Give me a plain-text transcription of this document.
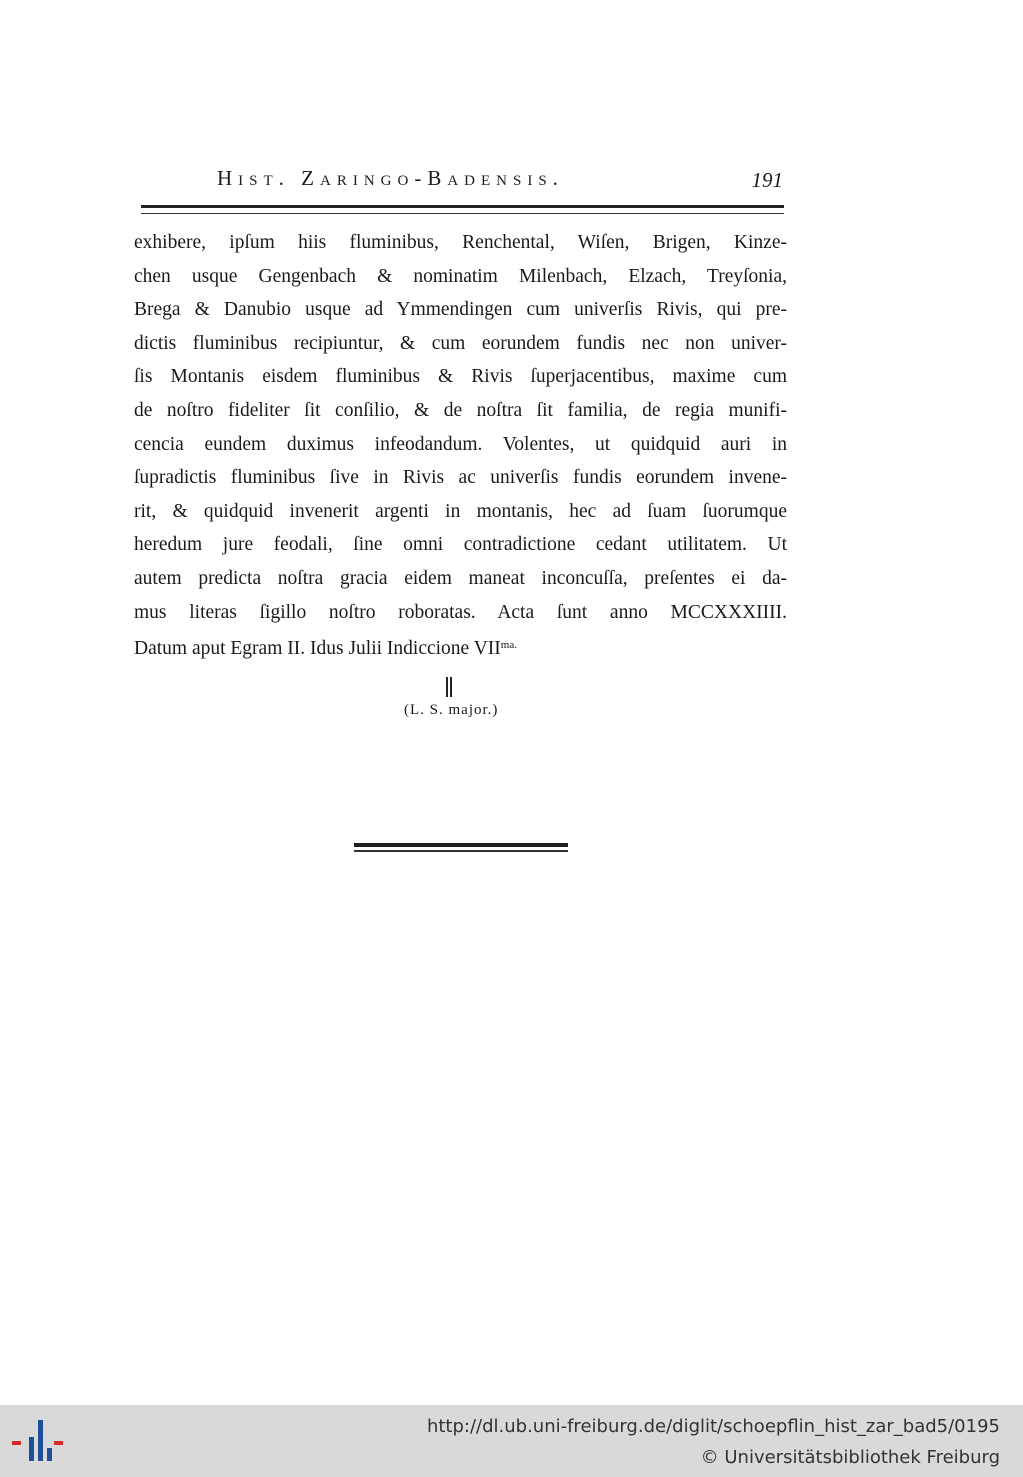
Hist. Zaringo-Badensis.	191
exhibere, ipſum hiis fluminibus, Renchental, Wiſen, Brigen, Kinze-
chen usque Gengenbach & nominatim Milenbach, Elzach, Treyſonia,
Brega & Danubio usque ad Ymmendingen cum univerſis Rivis, qui pre-
dictis fluminibus recipiuntur, & cum eorundem fundis nec non univer-
ſis Montanis eisdem fluminibus & Rivis ſuperjacentibus, maxime cum
de noſtro fideliter ſit conſilio, & de noſtra ſit familia, de regia munifi-
cencia eundem duximus infeodandum. Volentes, ut quidquid auri in
ſupradictis fluminibus ſive in Rivis ac univerſis fundis eorundem invene-
rit, & quidquid invenerit argenti in montanis, hec ad ſuam ſuorumque
heredum jure feodali, ſine omni contradictione cedant utilitatem. Ut
autem predicta noſtra gracia eidem maneat inconcuſſa, preſentes ei da-
mus literas ſigillo noſtro roboratas. Acta ſunt anno MCCXXXIIII.
Datum aput Egram II. Idus Julii Indiccione $VII^{ma.}$
(L. S. major.)
http://dl.ub.uni-freiburg.de/diglit/schoepflin_hist_zar_bad5/0195
© Universitätsbibliothek Freiburg
